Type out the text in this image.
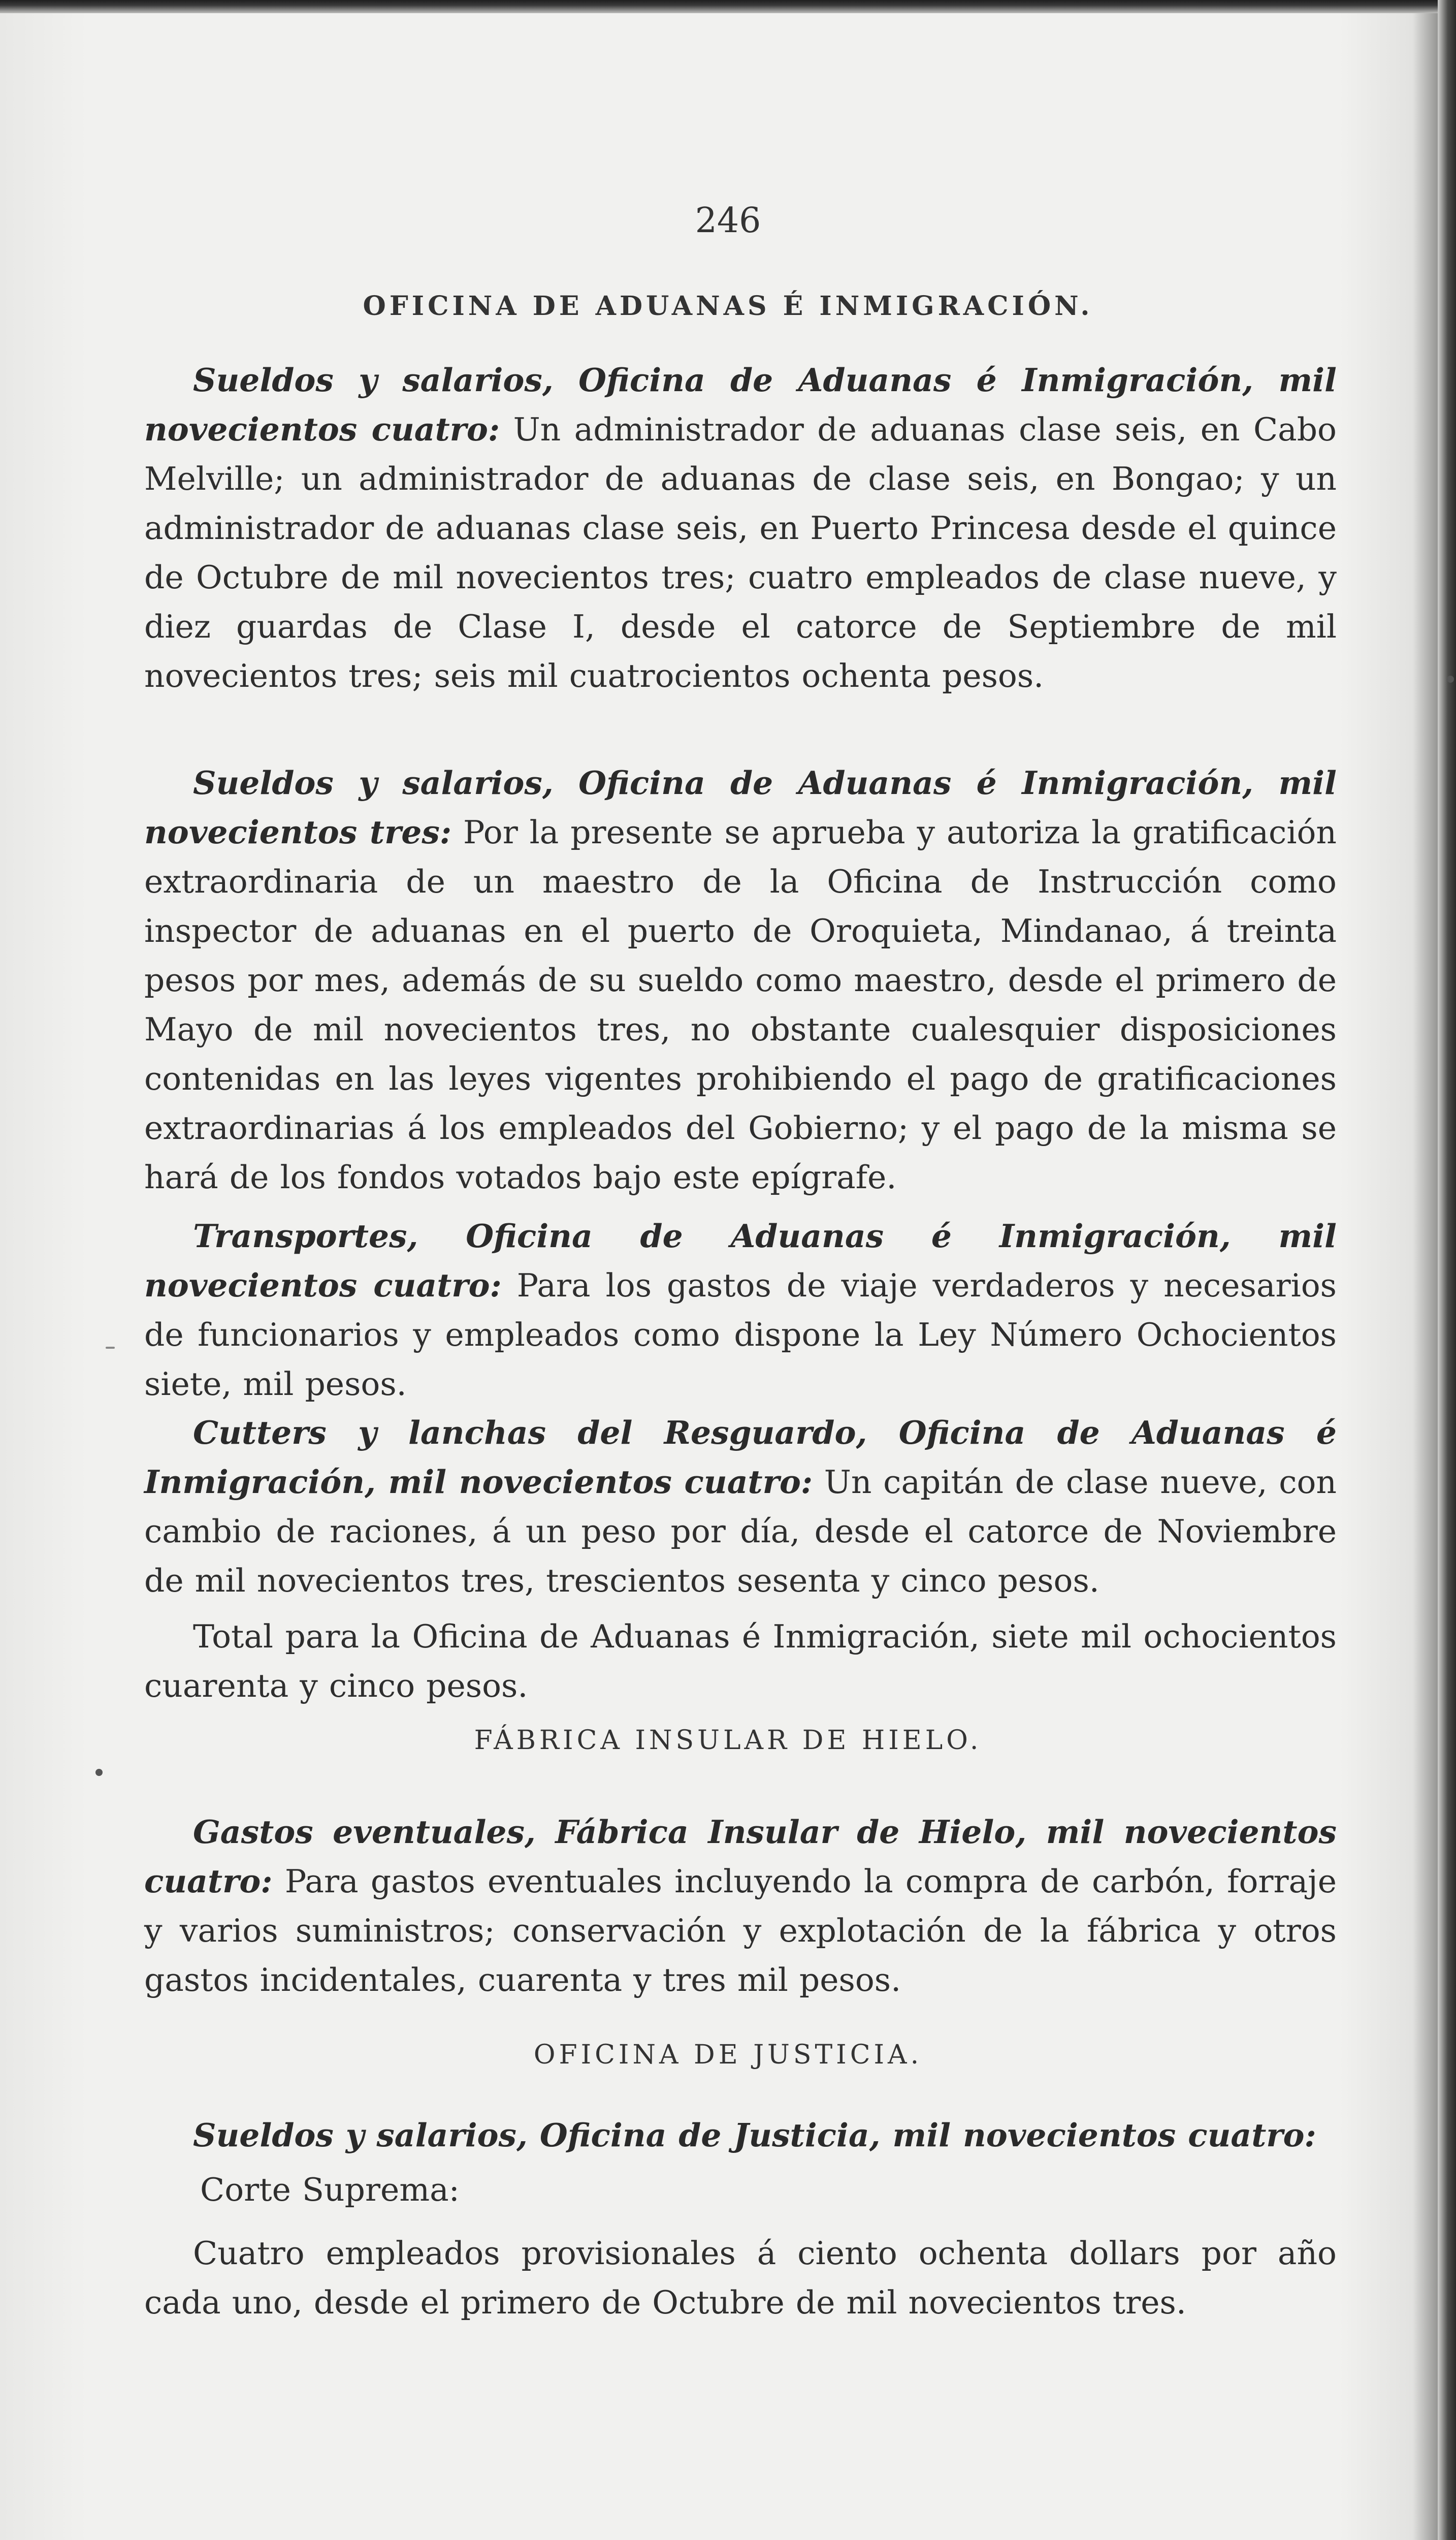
246
OFICINA DE ADUANAS É INMIGRACIÓN.
Sueldos y salarios, Oficina de Aduanas é Inmigración, mil novecientos cuatro: Un administrador de aduanas clase seis, en Cabo Melville; un administrador de aduanas de clase seis, en Bongao; y un administrador de aduanas clase seis, en Puerto Princesa desde el quince de Octubre de mil novecientos tres; cuatro empleados de clase nueve, y diez guardas de Clase I, desde el catorce de Septiembre de mil novecientos tres; seis mil cuatrocientos ochenta pesos.
Sueldos y salarios, Oficina de Aduanas é Inmigración, mil novecientos tres: Por la presente se aprueba y autoriza la gratificación extraordinaria de un maestro de la Oficina de Instrucción como inspector de aduanas en el puerto de Oroquieta, Mindanao, á treinta pesos por mes, además de su sueldo como maestro, desde el primero de Mayo de mil novecientos tres, no obstante cualesquier disposiciones contenidas en las leyes vigentes prohibiendo el pago de gratificaciones extraordinarias á los empleados del Gobierno; y el pago de la misma se hará de los fondos votados bajo este epígrafe.
Transportes, Oficina de Aduanas é Inmigración, mil novecientos cuatro: Para los gastos de viaje verdaderos y necesarios de funcionarios y empleados como dispone la Ley Número Ochocientos siete, mil pesos.
Cutters y lanchas del Resguardo, Oficina de Aduanas é Inmigración, mil novecientos cuatro: Un capitán de clase nueve, con cambio de raciones, á un peso por día, desde el catorce de Noviembre de mil novecientos tres, trescientos sesenta y cinco pesos.
Total para la Oficina de Aduanas é Inmigración, siete mil ochocientos cuarenta y cinco pesos.
FÁBRICA INSULAR DE HIELO.
Gastos eventuales, Fábrica Insular de Hielo, mil novecientos cuatro: Para gastos eventuales incluyendo la compra de carbón, forraje y varios suministros; conservación y explotación de la fábrica y otros gastos incidentales, cuarenta y tres mil pesos.
OFICINA DE JUSTICIA.
Sueldos y salarios, Oficina de Justicia, mil novecientos cuatro:
Corte Suprema:
Cuatro empleados provisionales á ciento ochenta dollars por año cada uno, desde el primero de Octubre de mil novecientos tres.
